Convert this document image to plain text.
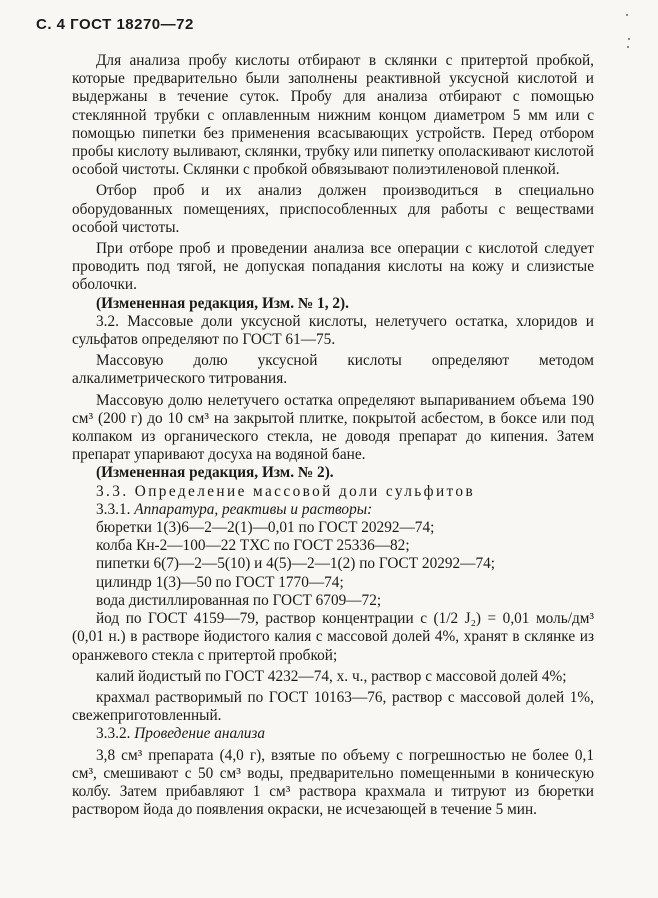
С. 4 ГОСТ 18270—72

Для анализа пробу кислоты отбирают в склянки с притертой пробкой, которые предварительно были заполнены реактивной уксусной кислотой и выдержаны в течение суток. Пробу для анализа отбирают с помощью стеклянной трубки с оплавленным нижним концом диаметром 5 мм или с помощью пипетки без применения всасывающих устройств. Перед отбором пробы кислоту выливают, склянки, трубку или пипетку ополаскивают кислотой особой чистоты. Склянки с пробкой обвязывают полиэтиленовой пленкой.

Отбор проб и их анализ должен производиться в специально оборудованных помещениях, приспособленных для работы с веществами особой чистоты.

При отборе проб и проведении анализа все операции с кислотой следует проводить под тягой, не допуская попадания кислоты на кожу и слизистые оболочки.

(Измененная редакция, Изм. № 1, 2).

3.2. Массовые доли уксусной кислоты, нелетучего остатка, хлоридов и сульфатов определяют по ГОСТ 61—75.

Массовую долю уксусной кислоты определяют методом алкалиметрического титрования.

Массовую долю нелетучего остатка определяют выпариванием объема 190 см³ (200 г) до 10 см³ на закрытой плитке, покрытой асбестом, в боксе или под колпаком из органического стекла, не доводя препарат до кипения. Затем препарат упаривают досуха на водяной бане.

(Измененная редакция, Изм. № 2).

3.3. Определение массовой доли сульфитов

3.3.1. Аппаратура, реактивы и растворы:

бюретки 1(3)6—2—2(1)—0,01 по ГОСТ 20292—74;

колба Кн-2—100—22 ТХС по ГОСТ 25336—82;

пипетки 6(7)—2—5(10) и 4(5)—2—1(2) по ГОСТ 20292—74;

цилиндр 1(3)—50 по ГОСТ 1770—74;

вода дистиллированная по ГОСТ 6709—72;

йод по ГОСТ 4159—79, раствор концентрации с (1/2 J₂) = 0,01 моль/дм³ (0,01 н.) в растворе йодистого калия с массовой долей 4%, хранят в склянке из оранжевого стекла с притертой пробкой;

калий йодистый по ГОСТ 4232—74, х. ч., раствор с массовой долей 4%;

крахмал растворимый по ГОСТ 10163—76, раствор с массовой долей 1%, свежеприготовленный.

3.3.2. Проведение анализа

3,8 см³ препарата (4,0 г), взятые по объему с погрешностью не более 0,1 см³, смешивают с 50 см³ воды, предварительно помещенными в коническую колбу. Затем прибавляют 1 см³ раствора крахмала и титруют из бюретки раствором йода до появления окраски, не исчезающей в течение 5 мин.
